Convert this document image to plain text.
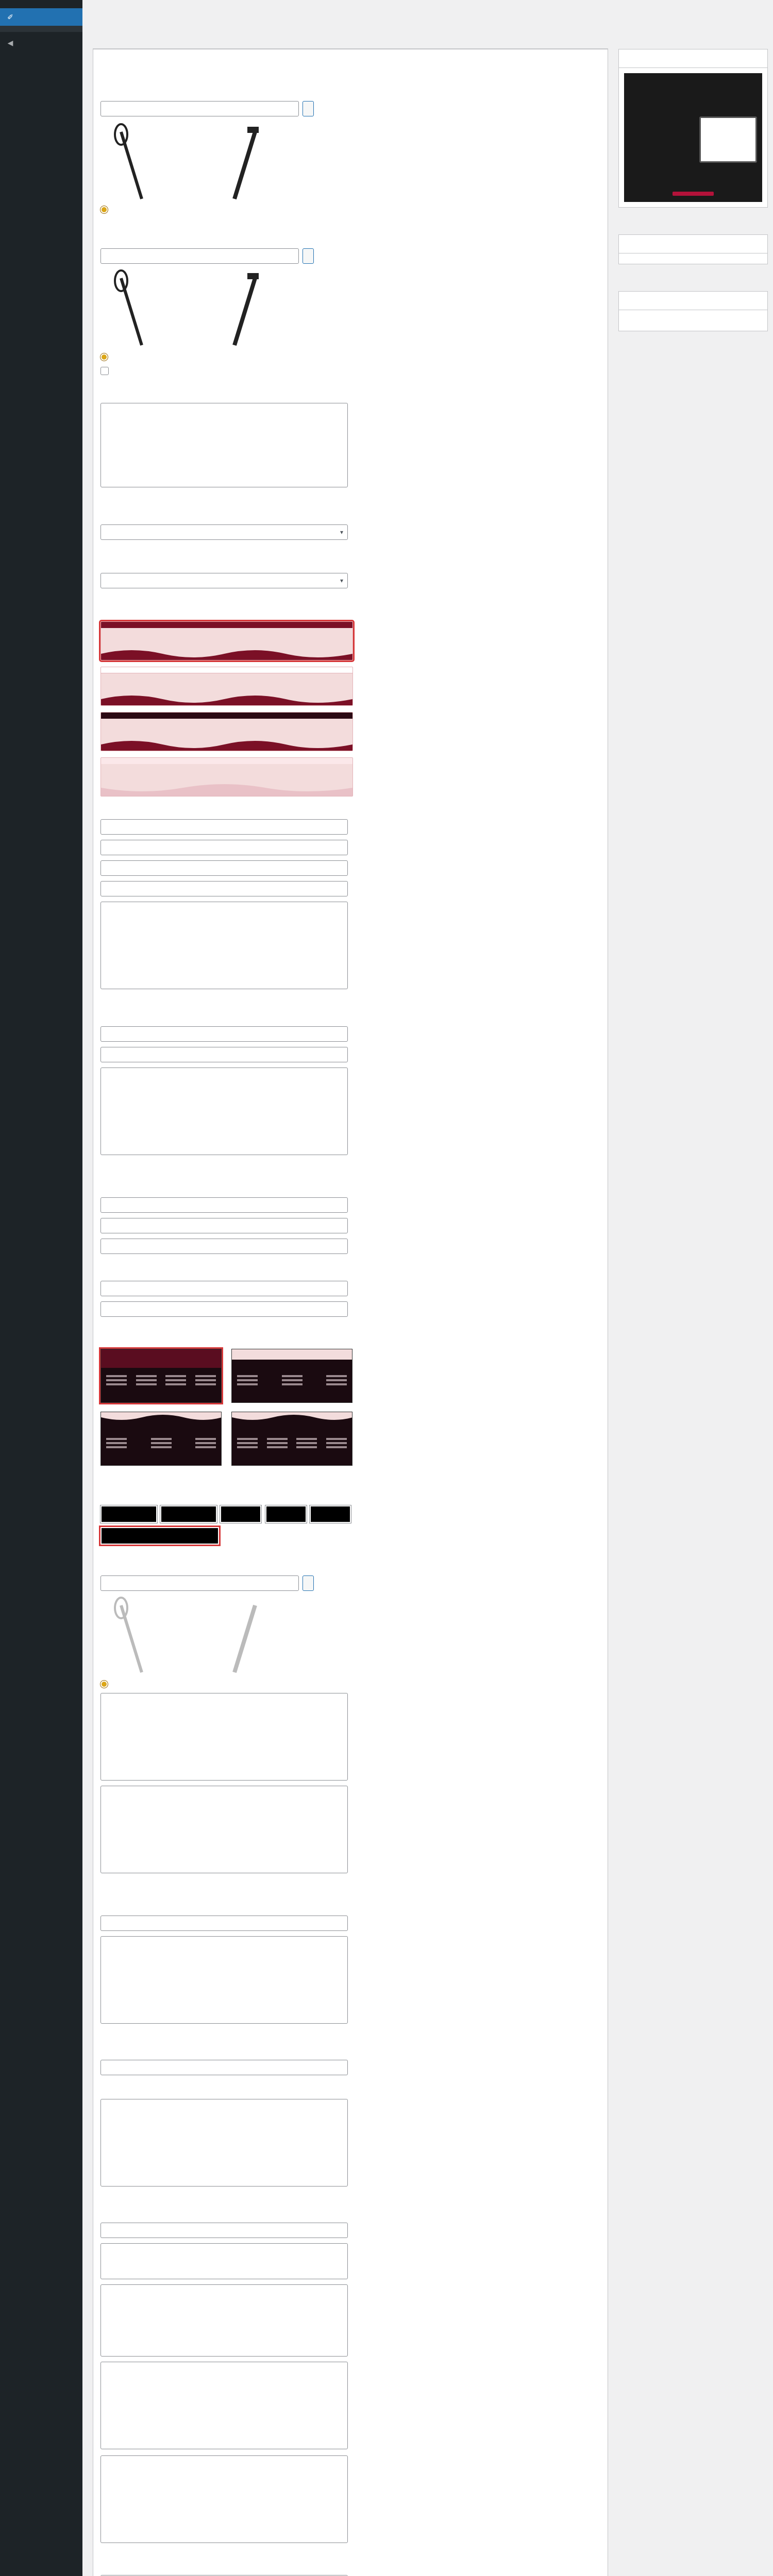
✐
◀
▾
▾
